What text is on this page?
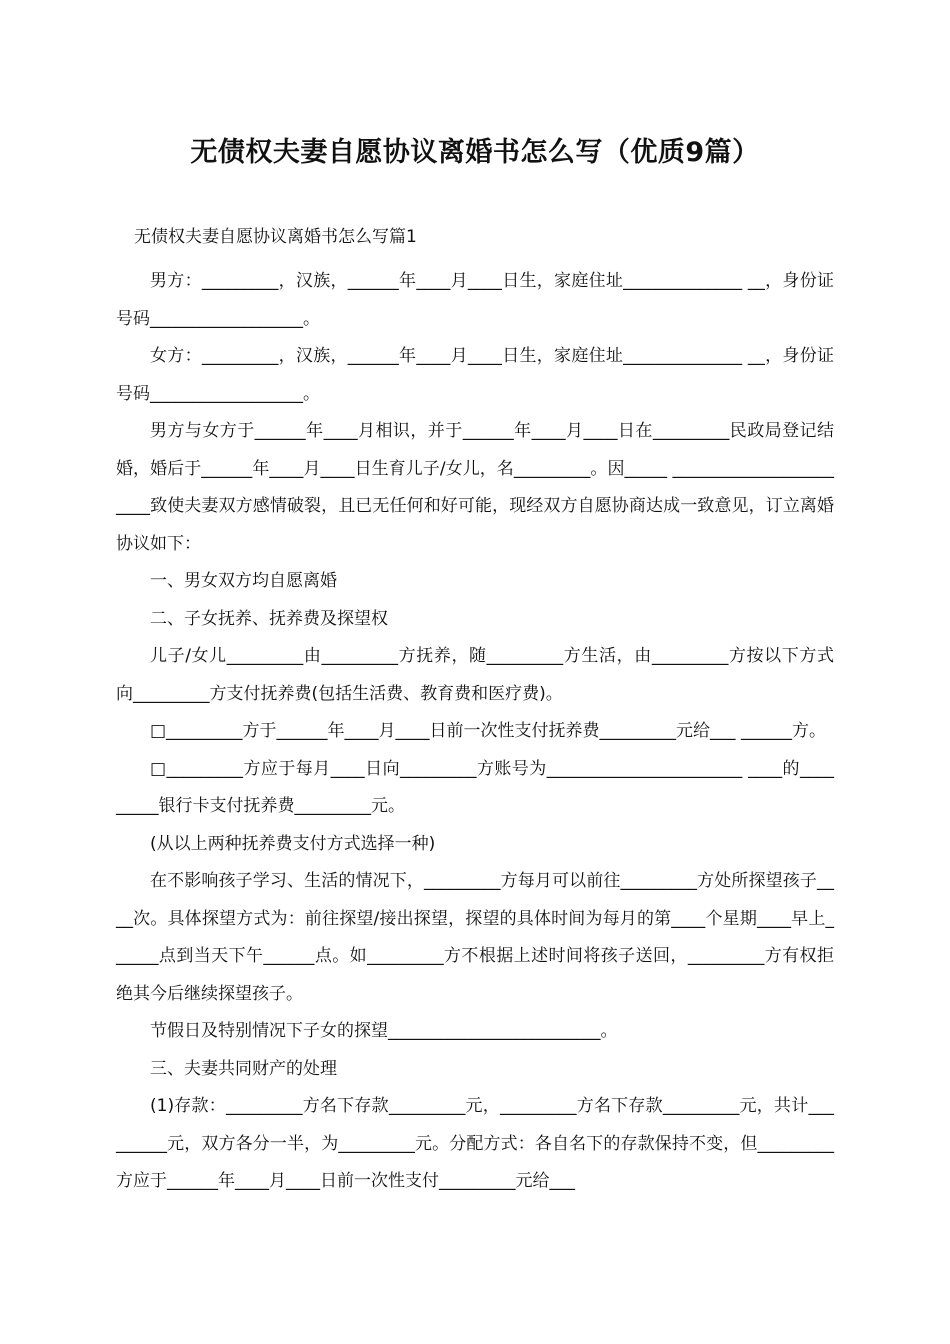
无债权夫妻自愿协议离婚书怎么写（优质9篇）
无债权夫妻自愿协议离婚书怎么写篇1

男方：_________，汉族，______年____月____日生，家庭住址______________ __，身份证号码__________________。

女方：_________，汉族，______年____月____日生，家庭住址______________ __，身份证号码__________________。

男方与女方于______年____月相识，并于______年____月____日在_________民政局登记结婚，婚后于______年____月____日生育儿子/女儿，名_________。因_____ _______________________致使夫妻双方感情破裂，且已无任何和好可能，现经双方自愿协商达成一致意见，订立离婚协议如下：

一、男女双方均自愿离婚

二、子女抚养、抚养费及探望权

儿子/女儿_________由_________方抚养，随_________方生活，由_________方按以下方式向_________方支付抚养费(包括生活费、教育费和医疗费)。

□_________方于______年____月____日前一次性支付抚养费_________元给___ ______方。

□_________方应于每月____日向_________方账号为_______________________ ____的_________银行卡支付抚养费_________元。

(从以上两种抚养费支付方式选择一种)

在不影响孩子学习、生活的情况下，_________方每月可以前往_________方处所探望孩子____次。具体探望方式为：前往探望/接出探望，探望的具体时间为每月的第____个星期____早上______点到当天下午______点。如_________方不根据上述时间将孩子送回，_________方有权拒绝其今后继续探望孩子。

节假日及特别情况下子女的探望_________________________。

三、夫妻共同财产的处理

(1)存款：_________方名下存款_________元，_________方名下存款_________元，共计_________元，双方各分一半，为_________元。分配方式：各自名下的存款保持不变，但_________方应于______年____月____日前一次性支付_________元给___
